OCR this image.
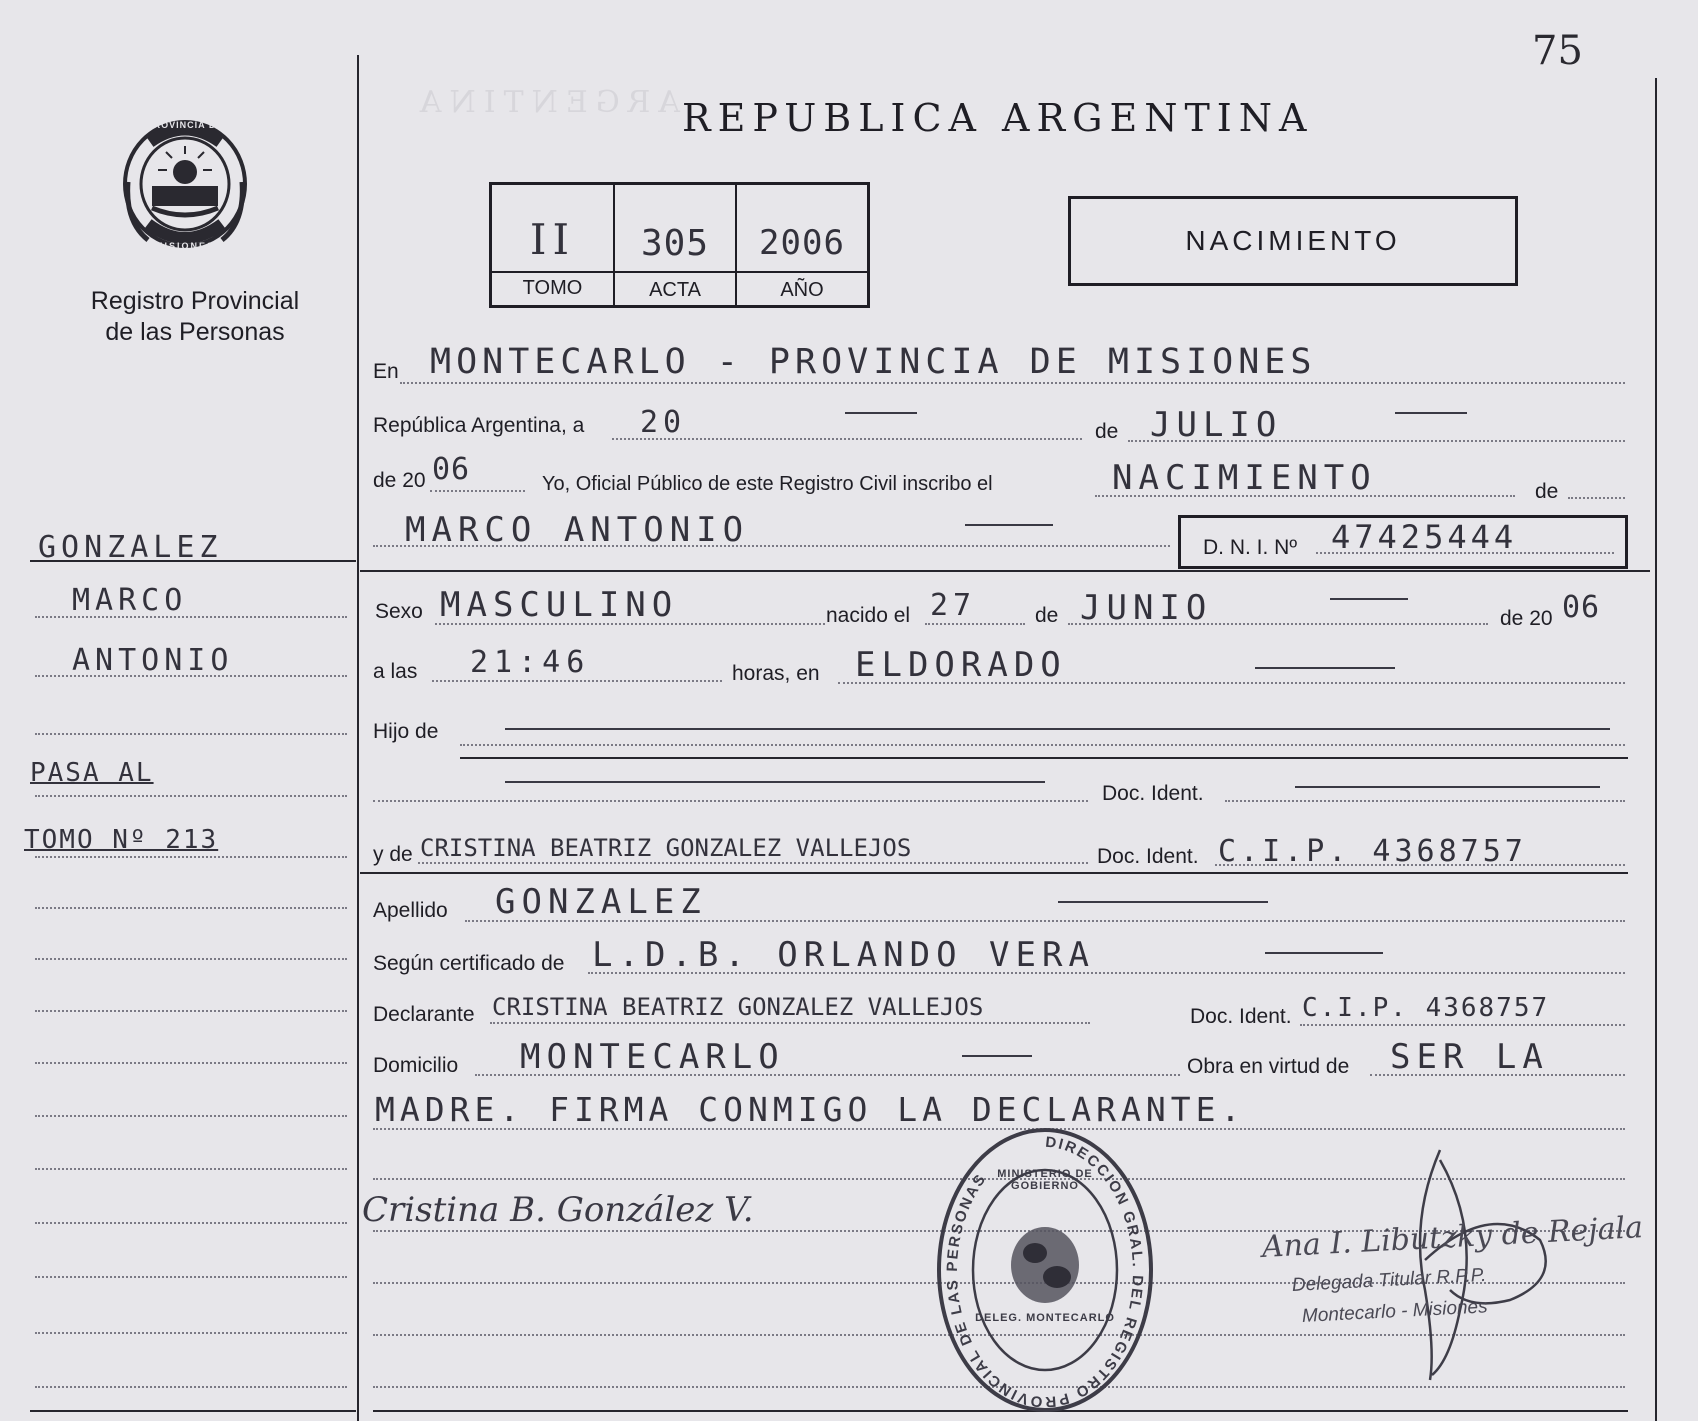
ARGENTINA
75
REPUBLICA ARGENTINA
PROVINCIA DE
MISIONES
Registro Provincial
de las Personas
II	305	2006
TOMO	ACTA	AÑO
NACIMIENTO
GONZALEZ
MARCO
ANTONIO
PASA AL
TOMO Nº 213
En MONTECARLO - PROVINCIA DE MISIONES
República Argentina, a 20	de JULIO
de 20 06	Yo, Oficial Público de este Registro Civil inscribo el	NACIMIENTO	de
MARCO ANTONIO	D. N. I. Nº 47425444
Sexo MASCULINO	nacido el 27	de JUNIO	de 20 06
a las 21:46	horas, en ELDORADO
Hijo de
Doc. Ident.
y de CRISTINA BEATRIZ GONZALEZ VALLEJOS	Doc. Ident. C.I.P. 4368757
Apellido GONZALEZ
Según certificado de L.D.B. ORLANDO VERA
Declarante CRISTINA BEATRIZ GONZALEZ VALLEJOS	Doc. Ident. C.I.P. 4368757
Domicilio MONTECARLO	Obra en virtud de SER LA
MADRE. FIRMA CONMIGO LA DECLARANTE.
Cristina B. González V.
DIRECCION GRAL. DEL REGISTRO PROVINCIAL DE LAS PERSONAS MINISTERIO DE GOBIERNO
DELEG. MONTECARLO
Ana I. Libutzky de Rejala
Delegada Titular R.P.P.
Montecarlo - Misiones
